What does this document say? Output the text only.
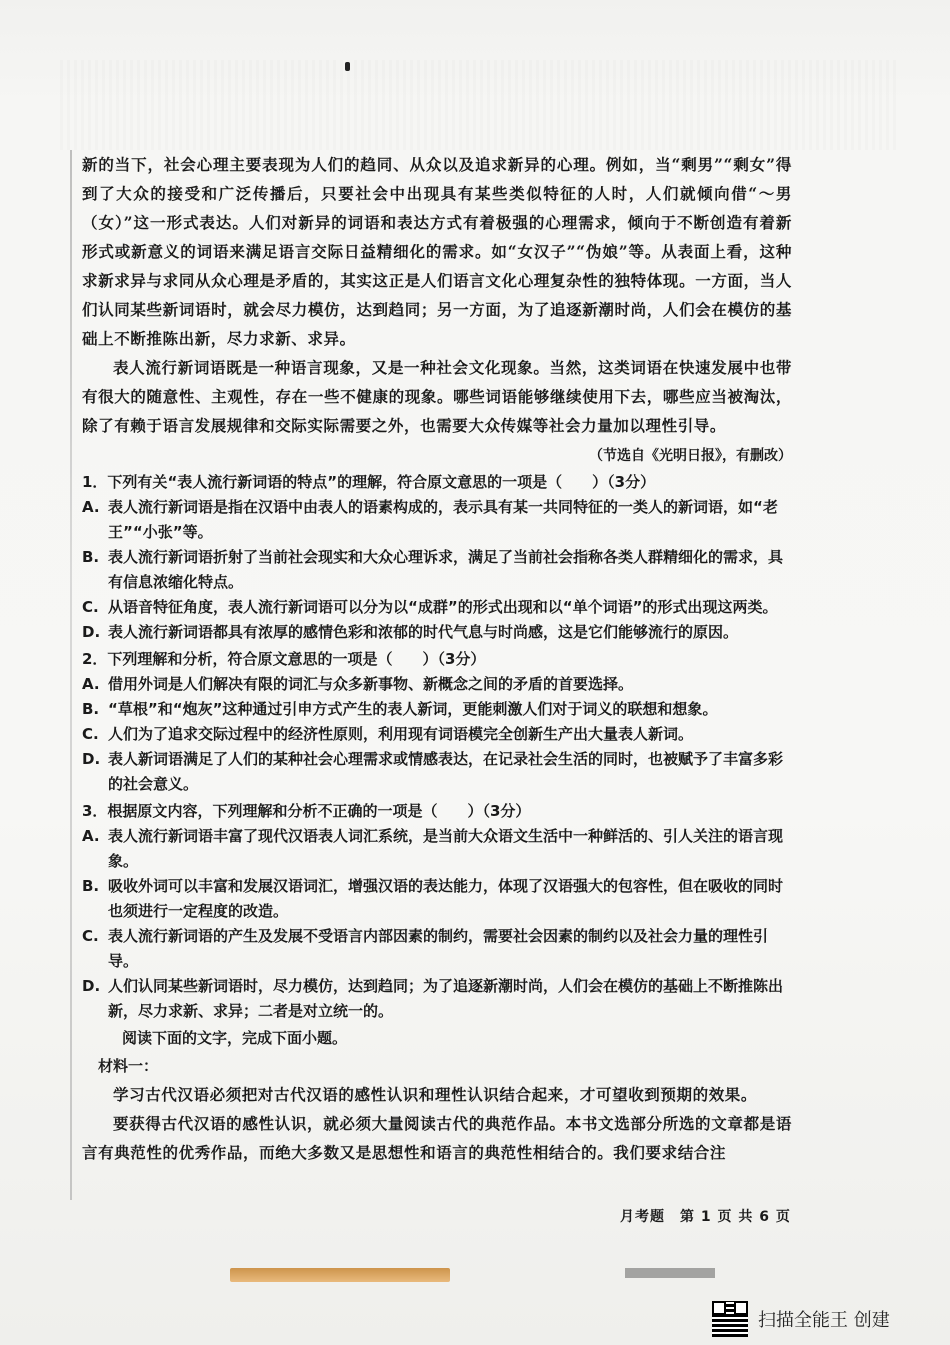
新的当下，社会心理主要表现为人们的趋同、从众以及追求新异的心理。例如，当“剩男”“剩女”得到了大众的接受和广泛传播后，只要社会中出现具有某些类似特征的人时，人们就倾向借“～男（女）”这一形式表达。人们对新异的词语和表达方式有着极强的心理需求，倾向于不断创造有着新形式或新意义的词语来满足语言交际日益精细化的需求。如“女汉子”“伪娘”等。从表面上看，这种求新求异与求同从众心理是矛盾的，其实这正是人们语言文化心理复杂性的独特体现。一方面，当人们认同某些新词语时，就会尽力模仿，达到趋同；另一方面，为了追逐新潮时尚，人们会在模仿的基础上不断推陈出新，尽力求新、求异。

表人流行新词语既是一种语言现象，又是一种社会文化现象。当然，这类词语在快速发展中也带有很大的随意性、主观性，存在一些不健康的现象。哪些词语能够继续使用下去，哪些应当被淘汰，除了有赖于语言发展规律和交际实际需要之外，也需要大众传媒等社会力量加以理性引导。

（节选自《光明日报》，有删改）
1．下列有关“表人流行新词语的特点”的理解，符合原文意思的一项是（　　）（3分）
A. 表人流行新词语是指在汉语中由表人的语素构成的，表示具有某一共同特征的一类人的新词语，如“老王”“小张”等。
B. 表人流行新词语折射了当前社会现实和大众心理诉求，满足了当前社会指称各类人群精细化的需求，具有信息浓缩化特点。
C. 从语音特征角度，表人流行新词语可以分为以“成群”的形式出现和以“单个词语”的形式出现这两类。
D. 表人流行新词语都具有浓厚的感情色彩和浓郁的时代气息与时尚感，这是它们能够流行的原因。
2．下列理解和分析，符合原文意思的一项是（　　）（3分）
A. 借用外词是人们解决有限的词汇与众多新事物、新概念之间的矛盾的首要选择。
B. “草根”和“炮灰”这种通过引申方式产生的表人新词，更能刺激人们对于词义的联想和想象。
C. 人们为了追求交际过程中的经济性原则，利用现有词语模完全创新生产出大量表人新词。
D. 表人新词语满足了人们的某种社会心理需求或情感表达，在记录社会生活的同时，也被赋予了丰富多彩的社会意义。
3．根据原文内容，下列理解和分析不正确的一项是（　　）（3分）
A. 表人流行新词语丰富了现代汉语表人词汇系统，是当前大众语文生活中一种鲜活的、引人关注的语言现象。
B. 吸收外词可以丰富和发展汉语词汇，增强汉语的表达能力，体现了汉语强大的包容性，但在吸收的同时也须进行一定程度的改造。
C. 表人流行新词语的产生及发展不受语言内部因素的制约，需要社会因素的制约以及社会力量的理性引导。
D. 人们认同某些新词语时，尽力模仿，达到趋同；为了追逐新潮时尚，人们会在模仿的基础上不断推陈出新，尽力求新、求异；二者是对立统一的。
阅读下面的文字，完成下面小题。
材料一：

学习古代汉语必须把对古代汉语的感性认识和理性认识结合起来，才可望收到预期的效果。

要获得古代汉语的感性认识，就必须大量阅读古代的典范作品。本书文选部分所选的文章都是语言有典范性的优秀作品，而绝大多数又是思想性和语言的典范性相结合的。我们要求结合注

月考题　第 1 页 共 6 页
扫描全能王 创建
